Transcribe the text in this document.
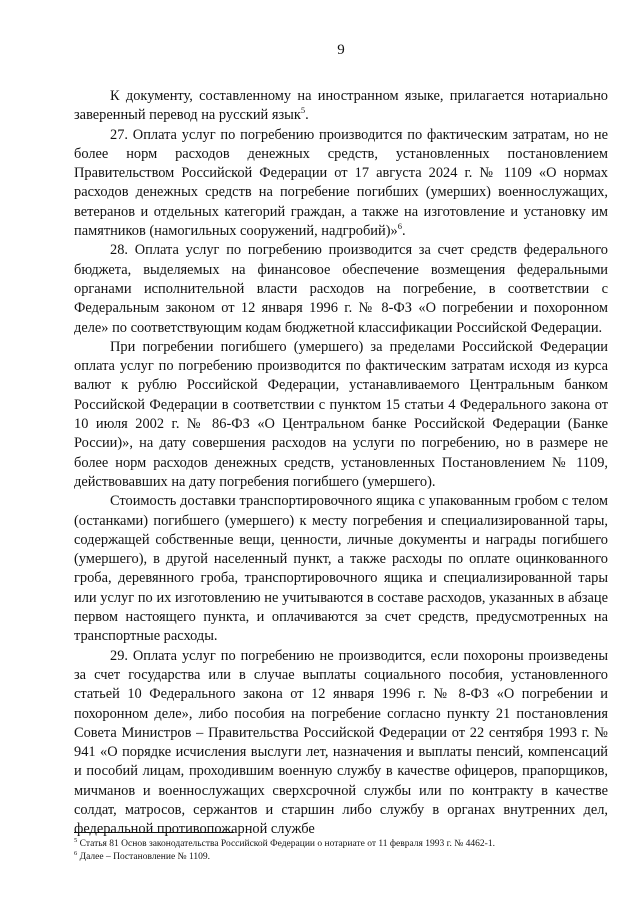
9

К документу, составленному на иностранном языке, прилагается нотариально заверенный перевод на русский язык$^5$.

27. Оплата услуг по погребению производится по фактическим затратам, но не более норм расходов денежных средств, установленных постановлением Правительством Российской Федерации от 17 августа 2024 г. № 1109 «О нормах расходов денежных средств на погребение погибших (умерших) военнослужащих, ветеранов и отдельных категорий граждан, а также на изготовление и установку им памятников (намогильных сооружений, надгробий)»$^6$.

28. Оплата услуг по погребению производится за счет средств федерального бюджета, выделяемых на финансовое обеспечение возмещения федеральными органами исполнительной власти расходов на погребение, в соответствии с Федеральным законом от 12 января 1996 г. № 8-ФЗ «О погребении и похоронном деле» по соответствующим кодам бюджетной классификации Российской Федерации.

При погребении погибшего (умершего) за пределами Российской Федерации оплата услуг по погребению производится по фактическим затратам исходя из курса валют к рублю Российской Федерации, устанавливаемого Центральным банком Российской Федерации в соответствии с пунктом 15 статьи 4 Федерального закона от 10 июля 2002 г. № 86-ФЗ «О Центральном банке Российской Федерации (Банке России)», на дату совершения расходов на услуги по погребению, но в размере не более норм расходов денежных средств, установленных Постановлением № 1109, действовавших на дату погребения погибшего (умершего).

Стоимость доставки транспортировочного ящика с упакованным гробом с телом (останками) погибшего (умершего) к месту погребения и специализированной тары, содержащей собственные вещи, ценности, личные документы и награды погибшего (умершего), в другой населенный пункт, а также расходы по оплате оцинкованного гроба, деревянного гроба, транспортировочного ящика и специализированной тары или услуг по их изготовлению не учитываются в составе расходов, указанных в абзаце первом настоящего пункта, и оплачиваются за счет средств, предусмотренных на транспортные расходы.

29. Оплата услуг по погребению не производится, если похороны произведены за счет государства или в случае выплаты социального пособия, установленного статьей 10 Федерального закона от 12 января 1996 г. № 8-ФЗ «О погребении и похоронном деле», либо пособия на погребение согласно пункту 21 постановления Совета Министров – Правительства Российской Федерации от 22 сентября 1993 г. № 941 «О порядке исчисления выслуги лет, назначения и выплаты пенсий, компенсаций и пособий лицам, проходившим военную службу в качестве офицеров, прапорщиков, мичманов и военнослужащих сверхсрочной службы или по контракту в качестве солдат, матросов, сержантов и старшин либо службу в органах внутренних дел, федеральной противопожарной службе

$^5$ Статья 81 Основ законодательства Российской Федерации о нотариате от 11 февраля 1993 г. № 4462-1.
$^6$ Далее – Постановление № 1109.
